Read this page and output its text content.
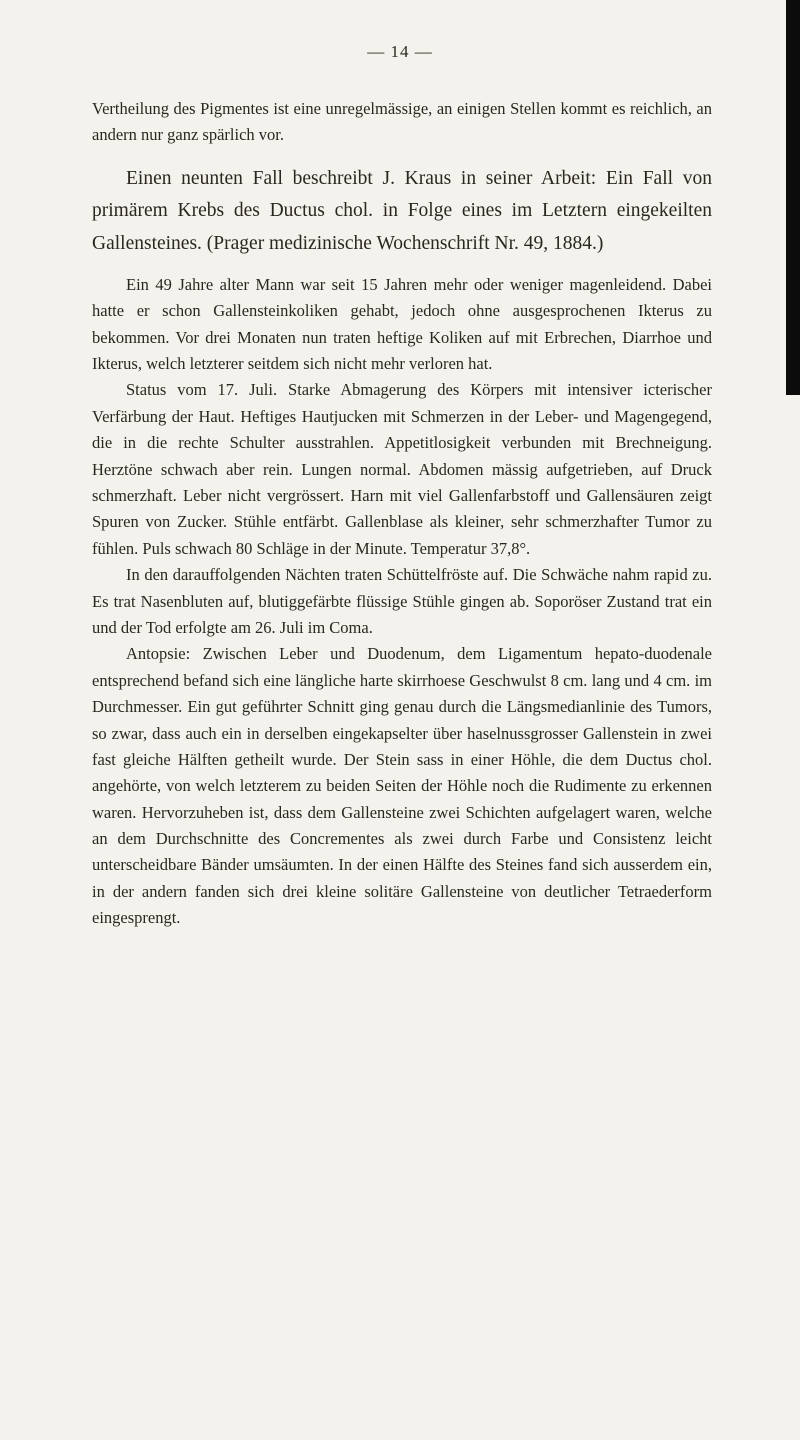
— 14 —

Vertheilung des Pigmentes ist eine unregelmässige, an einigen Stellen kommt es reichlich, an andern nur ganz spärlich vor.

Einen neunten Fall beschreibt J. Kraus in seiner Arbeit: Ein Fall von primärem Krebs des Ductus chol. in Folge eines im Letztern eingekeilten Gallensteines. (Prager medizinische Wochenschrift Nr. 49, 1884.)

Ein 49 Jahre alter Mann war seit 15 Jahren mehr oder weniger magenleidend. Dabei hatte er schon Gallensteinkoliken gehabt, jedoch ohne ausgesprochenen Ikterus zu bekommen. Vor drei Monaten nun traten heftige Koliken auf mit Erbrechen, Diarrhoe und Ikterus, welch letzterer seitdem sich nicht mehr verloren hat.

Status vom 17. Juli. Starke Abmagerung des Körpers mit intensiver icterischer Verfärbung der Haut. Heftiges Hautjucken mit Schmerzen in der Leber- und Magengegend, die in die rechte Schulter ausstrahlen. Appetitlosigkeit verbunden mit Brechneigung. Herztöne schwach aber rein. Lungen normal. Abdomen mässig aufgetrieben, auf Druck schmerzhaft. Leber nicht vergrössert. Harn mit viel Gallenfarbstoff und Gallensäuren zeigt Spuren von Zucker. Stühle entfärbt. Gallenblase als kleiner, sehr schmerzhafter Tumor zu fühlen. Puls schwach 80 Schläge in der Minute. Temperatur 37,8°.

In den darauffolgenden Nächten traten Schüttelfröste auf. Die Schwäche nahm rapid zu. Es trat Nasenbluten auf, blutiggefärbte flüssige Stühle gingen ab. Soporöser Zustand trat ein und der Tod erfolgte am 26. Juli im Coma.

Antopsie: Zwischen Leber und Duodenum, dem Ligamentum hepato-duodenale entsprechend befand sich eine längliche harte skirrhoese Geschwulst 8 cm. lang und 4 cm. im Durchmesser. Ein gut geführter Schnitt ging genau durch die Längsmedianlinie des Tumors, so zwar, dass auch ein in derselben eingekapselter über haselnussgrosser Gallenstein in zwei fast gleiche Hälften getheilt wurde. Der Stein sass in einer Höhle, die dem Ductus chol. angehörte, von welch letzterem zu beiden Seiten der Höhle noch die Rudimente zu erkennen waren. Hervorzuheben ist, dass dem Gallensteine zwei Schichten aufgelagert waren, welche an dem Durchschnitte des Concrementes als zwei durch Farbe und Consistenz leicht unterscheidbare Bänder umsäumten. In der einen Hälfte des Steines fand sich ausserdem ein, in der andern fanden sich drei kleine solitäre Gallensteine von deutlicher Tetraederform eingesprengt.
